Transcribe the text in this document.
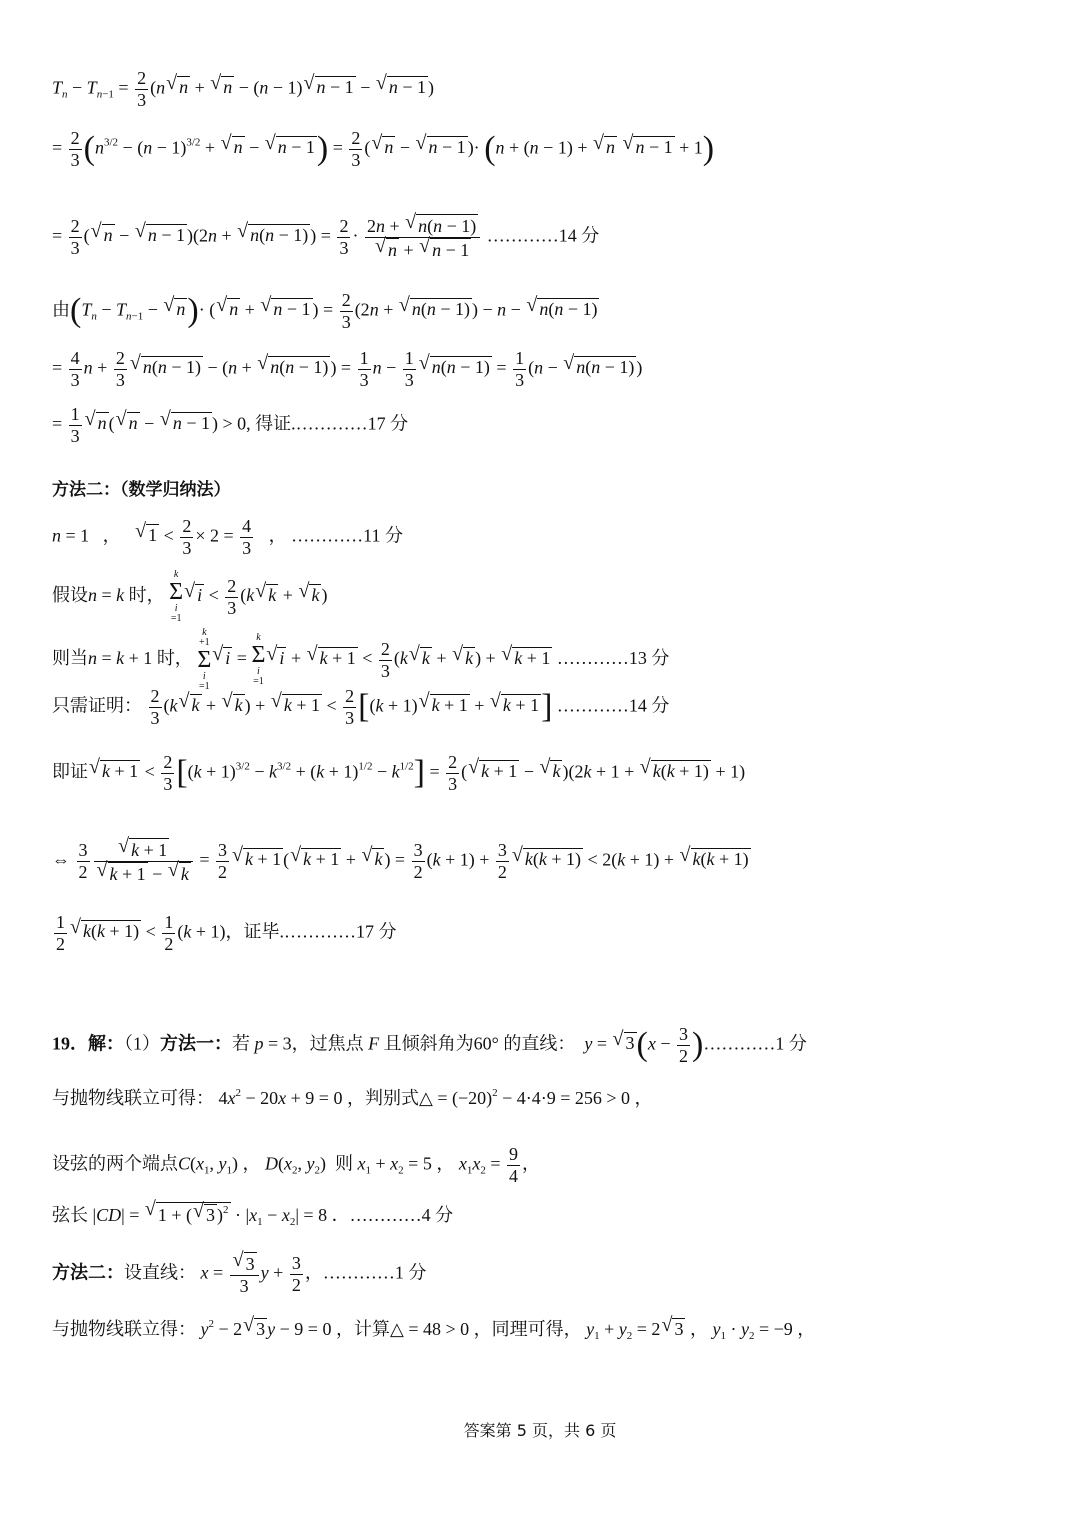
$T_n - T_{n-1} = \frac{2}{3} (n√$ n + √ n − (n − 1)√ n − 1 − √ n − 1 )
= $\frac{2}{3} (n^{3/2} - (n - 1)^{3/2}$ + √ n − √ $n - 1) = \frac{2}{3}$ (√ n − √ n − 1 )· (n + (n − 1) + √ n √ n − 1 + 1)
= $\frac{2}{3}$ (√ n − √ n − 1 )(2n + √ n(n − 1) ) = $\frac{2}{3} \cdot 2n$ + √ n(n − 1)
√ n + √ n − 1 …………14 分
由($T_n - T_{n-1}$ − √ n)· (√ n + √ n − 1 ) = $\frac{2}{3} (2n$ + √ n(n − 1) ) − n − √ n(n − 1)
= $\frac{4}{3}$ $n + \frac{2}{3}$
√ n(n − 1) − (n + √ n(n − 1) ) = $\frac{1}{3}$ $n - \frac{1}{3}$
√ $n(n - 1) = \frac{1}{3} (n$ − √ n(n − 1) )
= $\frac{1}{3}$
√ n (√ n − √ n − 1 ) > 0, 得证.…………17 分
方法二：（数学归纳法）
n = 1   ，   √ $1 < \frac{2}{3} \times 2 = \frac{4}{3}$ ， …………11 分
假设n = k 时，
k
Σ
i
=1
√ $i < \frac{2}{3} (k√$ k + √ k )
则当n = k + 1 时，
k
+1
Σ
i
=1
√ i =
k
Σ
i
=1
√ i + √ $k + 1 < \frac{2}{3} (k√$ k + √ k ) + √ k + 1 …………13 分
只需证明： $\frac{2}{3} (k√$ k + √ k ) + √ $k + 1 < \frac{2}{3} [(k + 1)√$ k + 1 + √ k + 1] …………14 分
即证√ $k + 1 < \frac{2}{3} [(k + 1)^{3/2} - k^{3/2} + (k + 1)^{1/2} - k^{1/2}] = \frac{2}{3}$ (√ k + 1 − √ k )(2k + 1 + √ k(k + 1) + 1)
⇔ $\frac{3}{2}$
√ k + 1
√ k + 1 − √ $k = \frac{3}{2}$
√ k + 1 (√ k + 1 + √ k ) = $\frac{3}{2} (k + 1) + \frac{3}{2}$
√ k(k + 1) < 2(k + 1) + √ k(k + 1)
$\frac{1}{2}$
√ $k(k + 1) < \frac{1}{2} (k + 1)$，证毕.…………17 分
19．解：（1）方法一：若 p = 3，过焦点 F 且倾斜角为60° 的直线： y = √ $3(x - \frac{3}{2}$ )…………1 分
与抛物线联立可得： $4x^2 - 20x + 9 = 0$ ，判别式△ = $(-20)^2 - 4\cdot 4\cdot 9 = 256 > 0$ ，
设弦的两个端点$C(x_1$, $y_1$) ， $D(x_2$, $y_2$)  则 $x_1 + x_2 = 5$ ， $x_1x_2 = \frac{9}{4}$ ，
弦长 |CD| = √ 1 + (√ 3 )$^2 \cdot |x_1 - x_2| = 8$ ．…………4 分
方法二：设直线： x =
√ $\frac{3}{3}$ $y + \frac{3}{2}$ ，…………1 分
与抛物线联立得： $y^2 - 2√$ 3 y − 9 = 0 ，计算△ = 48 > 0 ，同理可得， $y_1 + y_2 = 2√$ 3 ， $y_1 \cdot y_2 = -9$ ，
答案第 5 页，共 6 页
